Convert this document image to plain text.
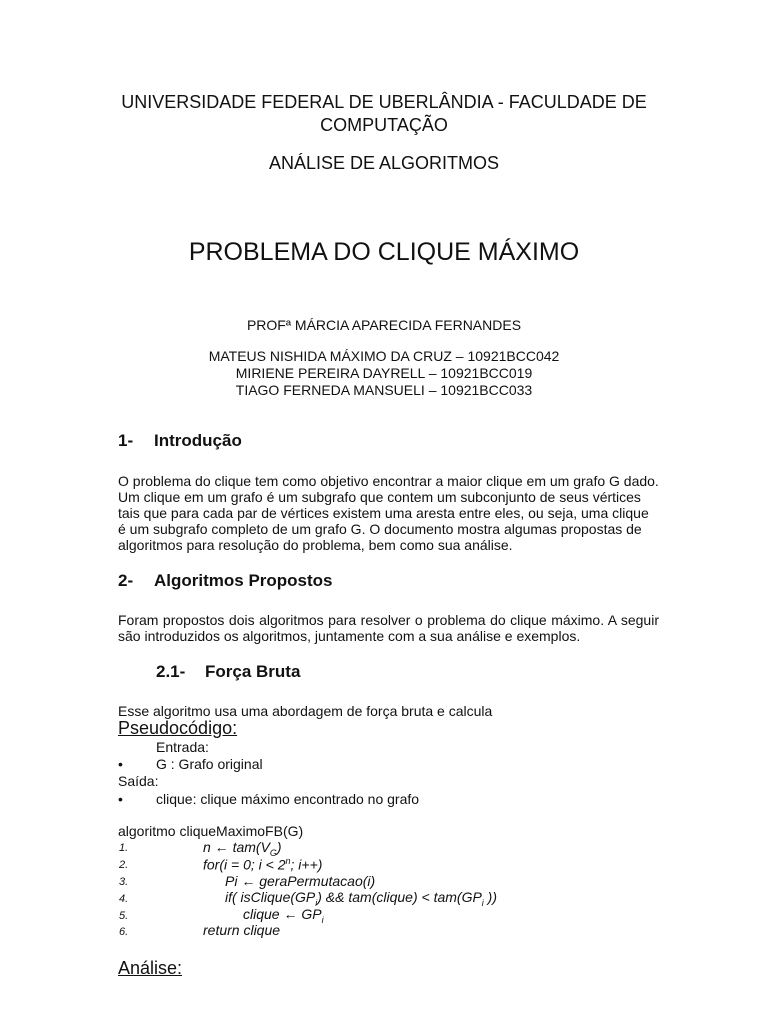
UNIVERSIDADE FEDERAL DE UBERLÂNDIA - FACULDADE DE
COMPUTAÇÃO
ANÁLISE DE ALGORITMOS
PROBLEMA DO CLIQUE MÁXIMO
PROFª MÁRCIA APARECIDA FERNANDES
MATEUS NISHIDA MÁXIMO DA CRUZ – 10921BCC042
MIRIENE PEREIRA DAYRELL – 10921BCC019
TIAGO FERNEDA MANSUELI – 10921BCC033
1- Introdução
O problema do clique tem como objetivo encontrar a maior clique em um grafo G dado. Um clique em um grafo é um subgrafo que contem um subconjunto de seus vértices tais que para cada par de vértices existem uma aresta entre eles, ou seja, uma clique é um subgrafo completo de um grafo G. O documento mostra algumas propostas de algoritmos para resolução do problema, bem como sua análise.
2- Algoritmos Propostos
Foram propostos dois algoritmos para resolver o problema do clique máximo. A seguir são introduzidos os algoritmos, juntamente com a sua análise e exemplos.
2.1- Força Bruta
Esse algoritmo usa uma abordagem de força bruta e calcula
Pseudocódigo:
Entrada:
• G : Grafo original
Saída:
• clique: clique máximo encontrado no grafo
algoritmo cliqueMaximoFB(G)
1.	n ← $tam(V_G)$
2.	for(i = 0; $i < 2^n$; i++)
3.	Pi ← geraPermutacao(i)
4.	if( $isClique(GP_i)$ && tam(clique) < $tam(GP_i$ ))
5.	clique ← $GP_i$
6.	return clique
Análise:
